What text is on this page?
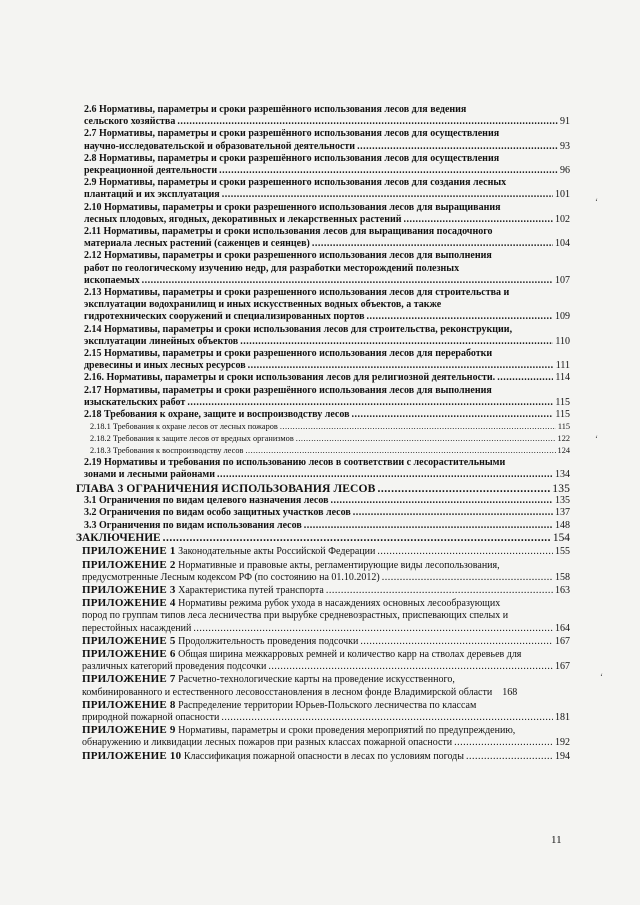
2.6 Нормативы, параметры и сроки разрешённого использования лесов для ведения
сельского хозяйства .....	91
2.7 Нормативы, параметры и сроки разрешённого использования лесов для осуществления
научно-исследовательской и образовательной деятельности .....	93
2.8 Нормативы, параметры и сроки разрешённого использования лесов для осуществления
рекреационной деятельности .....	96
2.9 Нормативы, параметры и сроки разрешенного использования лесов для создания лесных
плантаций и их эксплуатация .....	101
2.10 Нормативы, параметры и сроки разрешенного использования лесов для выращивания
лесных плодовых, ягодных, декоративных и лекарственных растений .....	102
2.11 Нормативы, параметры и сроки использования лесов для выращивания посадочного
материала лесных растений (саженцев и сеянцев) .....	104
2.12 Нормативы, параметры и сроки разрешенного использования лесов для выполнения
работ по геологическому изучению недр, для разработки месторождений полезных
ископаемых .....	107
2.13 Нормативы, параметры и сроки разрешенного использования лесов для строительства и
эксплуатации водохранилищ и иных искусственных водных объектов, а также
гидротехнических сооружений и специализированных портов .....	109
2.14 Нормативы, параметры и сроки использования лесов для строительства, реконструкции,
эксплуатации линейных объектов .....	110
2.15 Нормативы, параметры и сроки разрешенного использования лесов для переработки
древесины и иных лесных ресурсов .....	111
2.16. Нормативы, параметры и сроки использования лесов для религиозной деятельности. .....	114
2.17 Нормативы, параметры и сроки разрешённого использования лесов для выполнения
изыскательских работ .....	115
2.18 Требования к охране, защите и воспроизводству лесов .....	115
2.18.1 Требования к охране лесов от лесных пожаров .....	115
2.18.2 Требования к защите лесов от вредных организмов .....	122
2.18.3 Требования к воспроизводству лесов .....	124
2.19 Нормативы и требования по использованию лесов в соответствии с лесорастительными
зонами и лесными районами .....	134
ГЛАВА 3 ОГРАНИЧЕНИЯ ИСПОЛЬЗОВАНИЯ ЛЕСОВ .....	135
3.1 Ограничения по видам целевого назначения лесов .....	135
3.2 Ограничения по видам особо защитных участков лесов .....	137
3.3 Ограничения по видам использования лесов .....	148
ЗАКЛЮЧЕНИЕ .....	154
ПРИЛОЖЕНИЕ 1 Законодательные акты Российской Федерации .....	155
ПРИЛОЖЕНИЕ 2 Нормативные и правовые акты, регламентирующие виды лесопользования,
предусмотренные Лесным кодексом РФ (по состоянию на 01.10.2012) .....	158
ПРИЛОЖЕНИЕ 3 Характеристика путей транспорта .....	163
ПРИЛОЖЕНИЕ 4 Нормативы режима рубок ухода в насаждениях основных лесообразующих
пород по группам типов леса лесничества при вырубке средневозрастных, приспевающих спелых и
перестойных насаждений .....	164
ПРИЛОЖЕНИЕ 5 Продолжительность проведения подсочки .....	167
ПРИЛОЖЕНИЕ 6 Общая ширина межкарровых ремней и количество карр на стволах деревьев для
различных категорий проведения подсочки .....	167
ПРИЛОЖЕНИЕ 7 Расчетно-технологические карты на проведение искусственного,
комбинированного и естественного лесовосстановления в лесном фонде Владимирской области 168
ПРИЛОЖЕНИЕ 8 Распределение территории Юрьев-Польского лесничества по классам
природной пожарной опасности .....	181
ПРИЛОЖЕНИЕ 9 Нормативы, параметры и сроки проведения мероприятий по предупреждению,
обнаружению и ликвидации лесных пожаров при разных классах пожарной опасности .....	192
ПРИЛОЖЕНИЕ 10 Классификация пожарной опасности в лесах по условиям погоды .....	194
11
ʻ
ʻ
ʻ
